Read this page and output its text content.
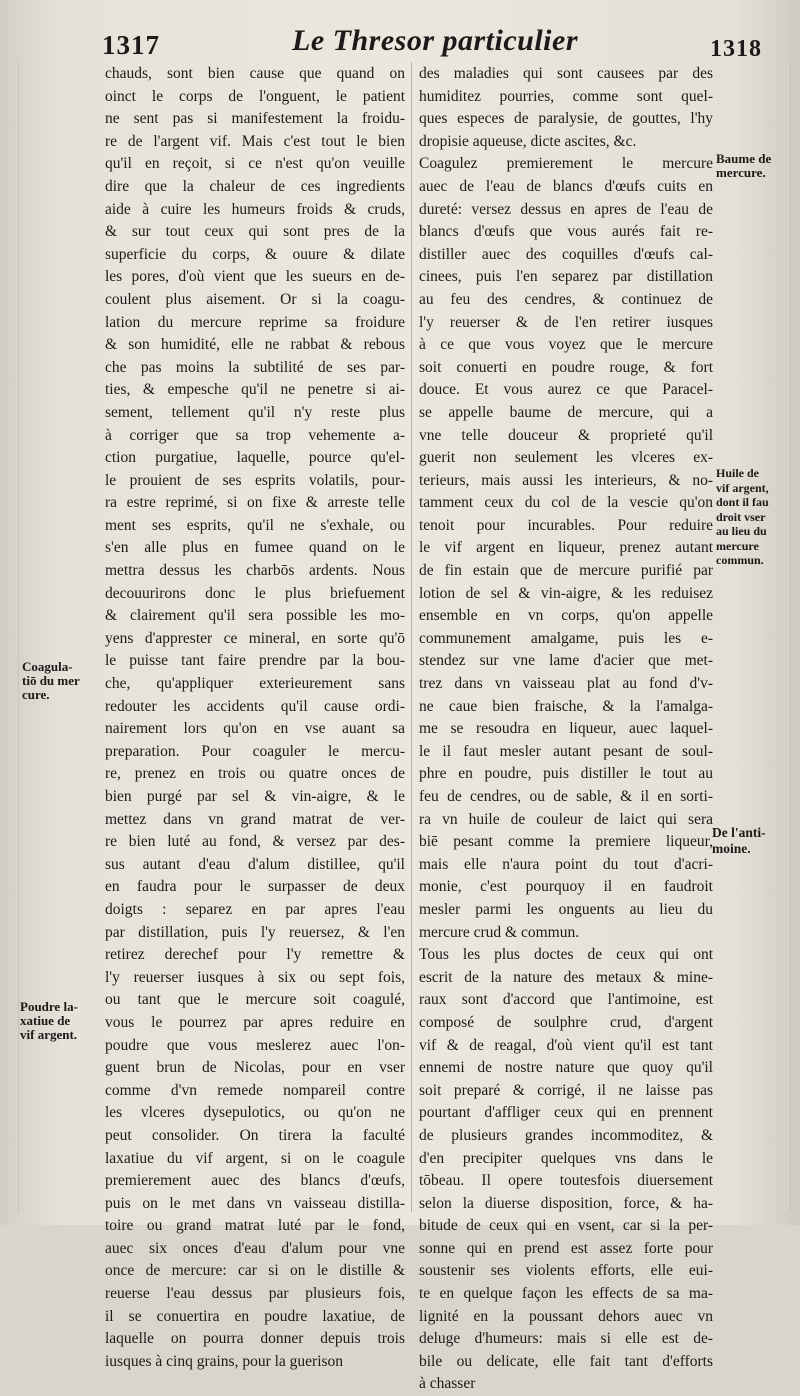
1317	Le Thresor particulier	1318
chauds, sont bien cause que quand on
oinct le corps de l'onguent, le patient
ne sent pas si manifestement la froidu-
re de l'argent vif. Mais c'est tout le bien
qu'il en reçoit, si ce n'est qu'on veuille
dire que la chaleur de ces ingredients
aide à cuire les humeurs froids & cruds,
& sur tout ceux qui sont pres de la
superficie du corps, & ouure & dilate
les pores, d'où vient que les sueurs en de-
coulent plus aisement. Or si la coagu-
lation du mercure reprime sa froidure
& son humidité, elle ne rabbat & rebous
che pas moins la subtilité de ses par-
ties, & empesche qu'il ne penetre si ai-
sement, tellement qu'il n'y reste plus
à corriger que sa trop vehemente a-
ction purgatiue, laquelle, pource qu'el-
le prouient de ses esprits volatils, pour-
ra estre reprimé, si on fixe & arreste telle
ment ses esprits, qu'il ne s'exhale, ou
s'en alle plus en fumee quand on le
mettra dessus les charbōs ardents. Nous
decouurirons donc le plus briefuement
& clairement qu'il sera possible les mo-
yens d'apprester ce mineral, en sorte qu'ō
le puisse tant faire prendre par la bou-
che, qu'appliquer exterieurement sans
redouter les accidents qu'il cause ordi-
nairement lors qu'on en vse auant sa
preparation. Pour coaguler le mercu-
re, prenez en trois ou quatre onces de
bien purgé par sel & vin-aigre, & le
mettez dans vn grand matrat de ver-
re bien luté au fond, & versez par des-
sus autant d'eau d'alum distillee, qu'il
en faudra pour le surpasser de deux
doigts : separez en par apres l'eau
par distillation, puis l'y reuersez, & l'en
retirez derechef pour l'y remettre &
l'y reuerser iusques à six ou sept fois,
ou tant que le mercure soit coagulé,
vous le pourrez par apres reduire en
poudre que vous meslerez auec l'on-
guent brun de Nicolas, pour en vser
comme d'vn remede nompareil contre
les vlceres dysepulotics, ou qu'on ne
peut consolider. On tirera la faculté
laxatiue du vif argent, si on le coagule
premierement auec des blancs d'œufs,
puis on le met dans vn vaisseau distilla-
toire ou grand matrat luté par le fond,
auec six onces d'eau d'alum pour vne
once de mercure: car si on le distille &
reuerse l'eau dessus par plusieurs fois,
il se conuertira en poudre laxatiue, de
laquelle on pourra donner depuis trois
iusques à cinq grains, pour la guerison
des maladies qui sont causees par des
humiditez pourries, comme sont quel-
ques especes de paralysie, de gouttes, l'hy
dropisie aqueuse, dicte ascites, &c.
Coagulez premierement le mercure
auec de l'eau de blancs d'œufs cuits en
dureté: versez dessus en apres de l'eau de
blancs d'œufs que vous aurés fait re-
distiller auec des coquilles d'œufs cal-
cinees, puis l'en separez par distillation
au feu des cendres, & continuez de
l'y reuerser & de l'en retirer iusques
à ce que vous voyez que le mercure
soit conuerti en poudre rouge, & fort
douce. Et vous aurez ce que Paracel-
se appelle baume de mercure, qui a
vne telle douceur & proprieté qu'il
guerit non seulement les vlceres ex-
terieurs, mais aussi les interieurs, & no-
tamment ceux du col de la vescie qu'on
tenoit pour incurables. Pour reduire
le vif argent en liqueur, prenez autant
de fin estain que de mercure purifié par
lotion de sel & vin-aigre, & les reduisez
ensemble en vn corps, qu'on appelle
communement amalgame, puis les e-
stendez sur vne lame d'acier que met-
trez dans vn vaisseau plat au fond d'v-
ne caue bien fraische, & la l'amalga-
me se resoudra en liqueur, auec laquel-
le il faut mesler autant pesant de soul-
phre en poudre, puis distiller le tout au
feu de cendres, ou de sable, & il en sorti-
ra vn huile de couleur de laict qui sera
biē pesant comme la premiere liqueur,
mais elle n'aura point du tout d'acri-
monie, c'est pourquoy il en faudroit
mesler parmi les onguents au lieu du
mercure crud & commun.
Tous les plus doctes de ceux qui ont
escrit de la nature des metaux & mine-
raux sont d'accord que l'antimoine, est
composé de soulphre crud, d'argent
vif & de reagal, d'où vient qu'il est tant
ennemi de nostre nature que quoy qu'il
soit preparé & corrigé, il ne laisse pas
pourtant d'affliger ceux qui en prennent
de plusieurs grandes incommoditez, &
d'en precipiter quelques vns dans le
tōbeau. Il opere toutesfois diuersement
selon la diuerse disposition, force, & ha-
bitude de ceux qui en vsent, car si la per-
sonne qui en prend est assez forte pour
soustenir ses violents efforts, elle eui-
te en quelque façon les effects de sa ma-
lignité en la poussant dehors auec vn
deluge d'humeurs: mais si elle est de-
bile ou delicate, elle fait tant d'efforts
à chasser
Baume de
mercure.
Huile de
vif argent,
dont il fau
droit vser
au lieu du
mercure
commun.
Coagula-
tiō du mer
cure.
Poudre la-
xatiue de
vif argent.
De l'anti-
moine.
